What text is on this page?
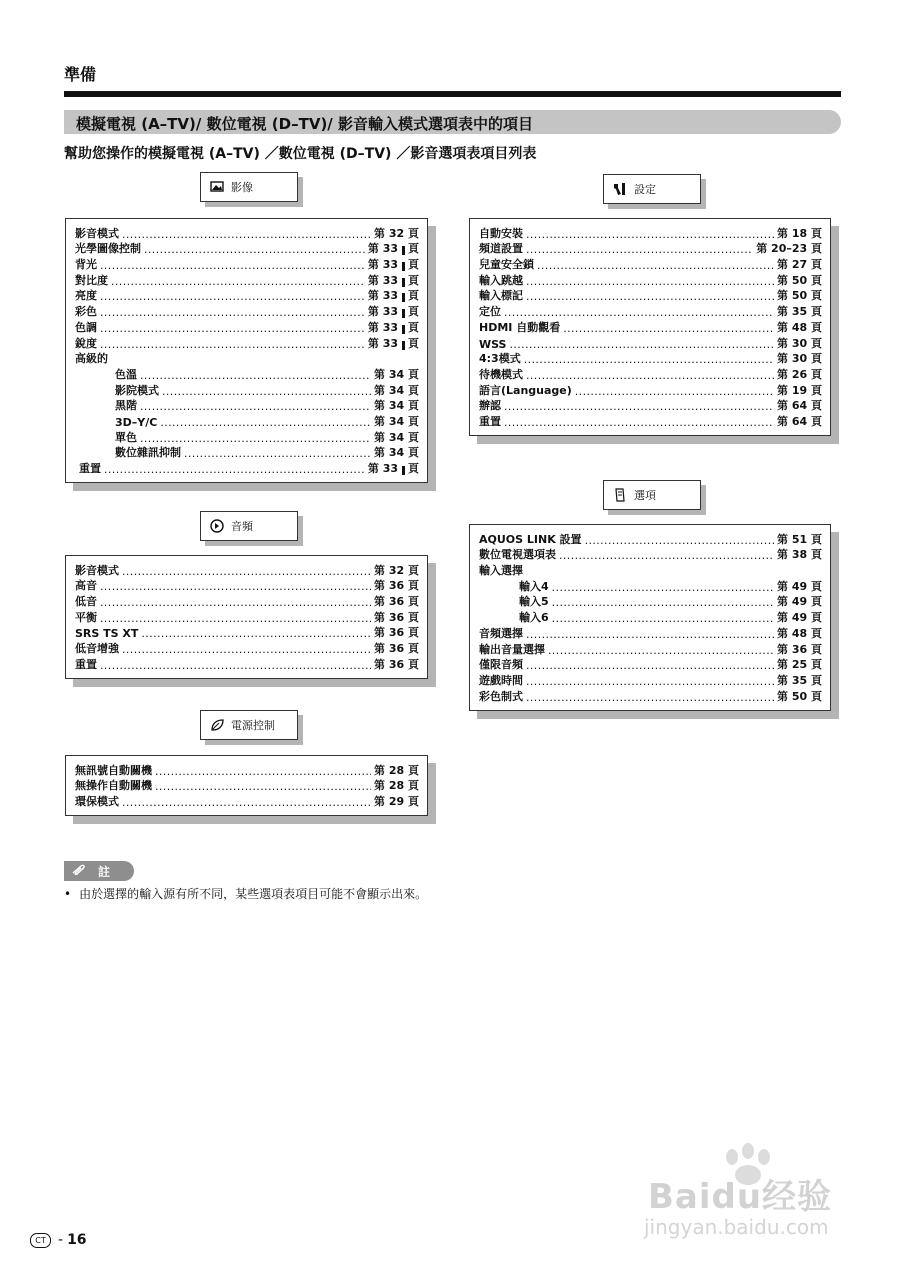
準備
模擬電視 (A–TV)/ 數位電視 (D–TV)/ 影音輸入模式選項表中的項目
幫助您操作的模擬電視 (A–TV) ／數位電視 (D–TV) ／影音選項表項目列表
影像	設定
影音模式 .....	第 32 頁
光學圖像控制 .....	第 33 頁
背光 .....	第 33 頁
對比度 .....	第 33 頁
亮度 .....	第 33 頁
彩色 .....	第 33 頁
色調 .....	第 33 頁
銳度 .....	第 33 頁
高級的
色溫 .....	第 34 頁
影院模式 .....	第 34 頁
黑階 .....	第 34 頁
3D–Y/C .....	第 34 頁
單色 .....	第 34 頁
數位雜訊抑制 .....	第 34 頁
重置 .....	第 33 頁
自動安裝 .....	第 18 頁
頻道設置 .....	第 20–23 頁
兒童安全鎖 .....	第 27 頁
輸入跳越 .....	第 50 頁
輸入標記 .....	第 50 頁
定位 .....	第 35 頁
HDMI 自動觀看 .....	第 48 頁
WSS .....	第 30 頁
4:3模式 .....	第 30 頁
待機模式 .....	第 26 頁
語言(Language) .....	第 19 頁
辦認 .....	第 64 頁
重置 .....	第 64 頁
選項
音頻
AQUOS LINK 設置 .....	第 51 頁
數位電視選項表 .....	第 38 頁
輸入選擇
輸入4 .....	第 49 頁
輸入5 .....	第 49 頁
輸入6 .....	第 49 頁
音頻選擇 .....	第 48 頁
輸出音量選擇 .....	第 36 頁
僅限音頻 .....	第 25 頁
遊戲時間 .....	第 35 頁
彩色制式 .....	第 50 頁
影音模式 .....	第 32 頁
高音 .....	第 36 頁
低音 .....	第 36 頁
平衡 .....	第 36 頁
SRS TS XT .....	第 36 頁
低音增強 .....	第 36 頁
重置 .....	第 36 頁
電源控制
無訊號自動關機 .....	第 28 頁
無操作自動關機 .....	第 28 頁
環保模式 .....	第 29 頁
註
• 由於選擇的輸入源有所不同，某些選項表項目可能不會顯示出來。
CT - 16
Baidu经验
jingyan.baidu.com
